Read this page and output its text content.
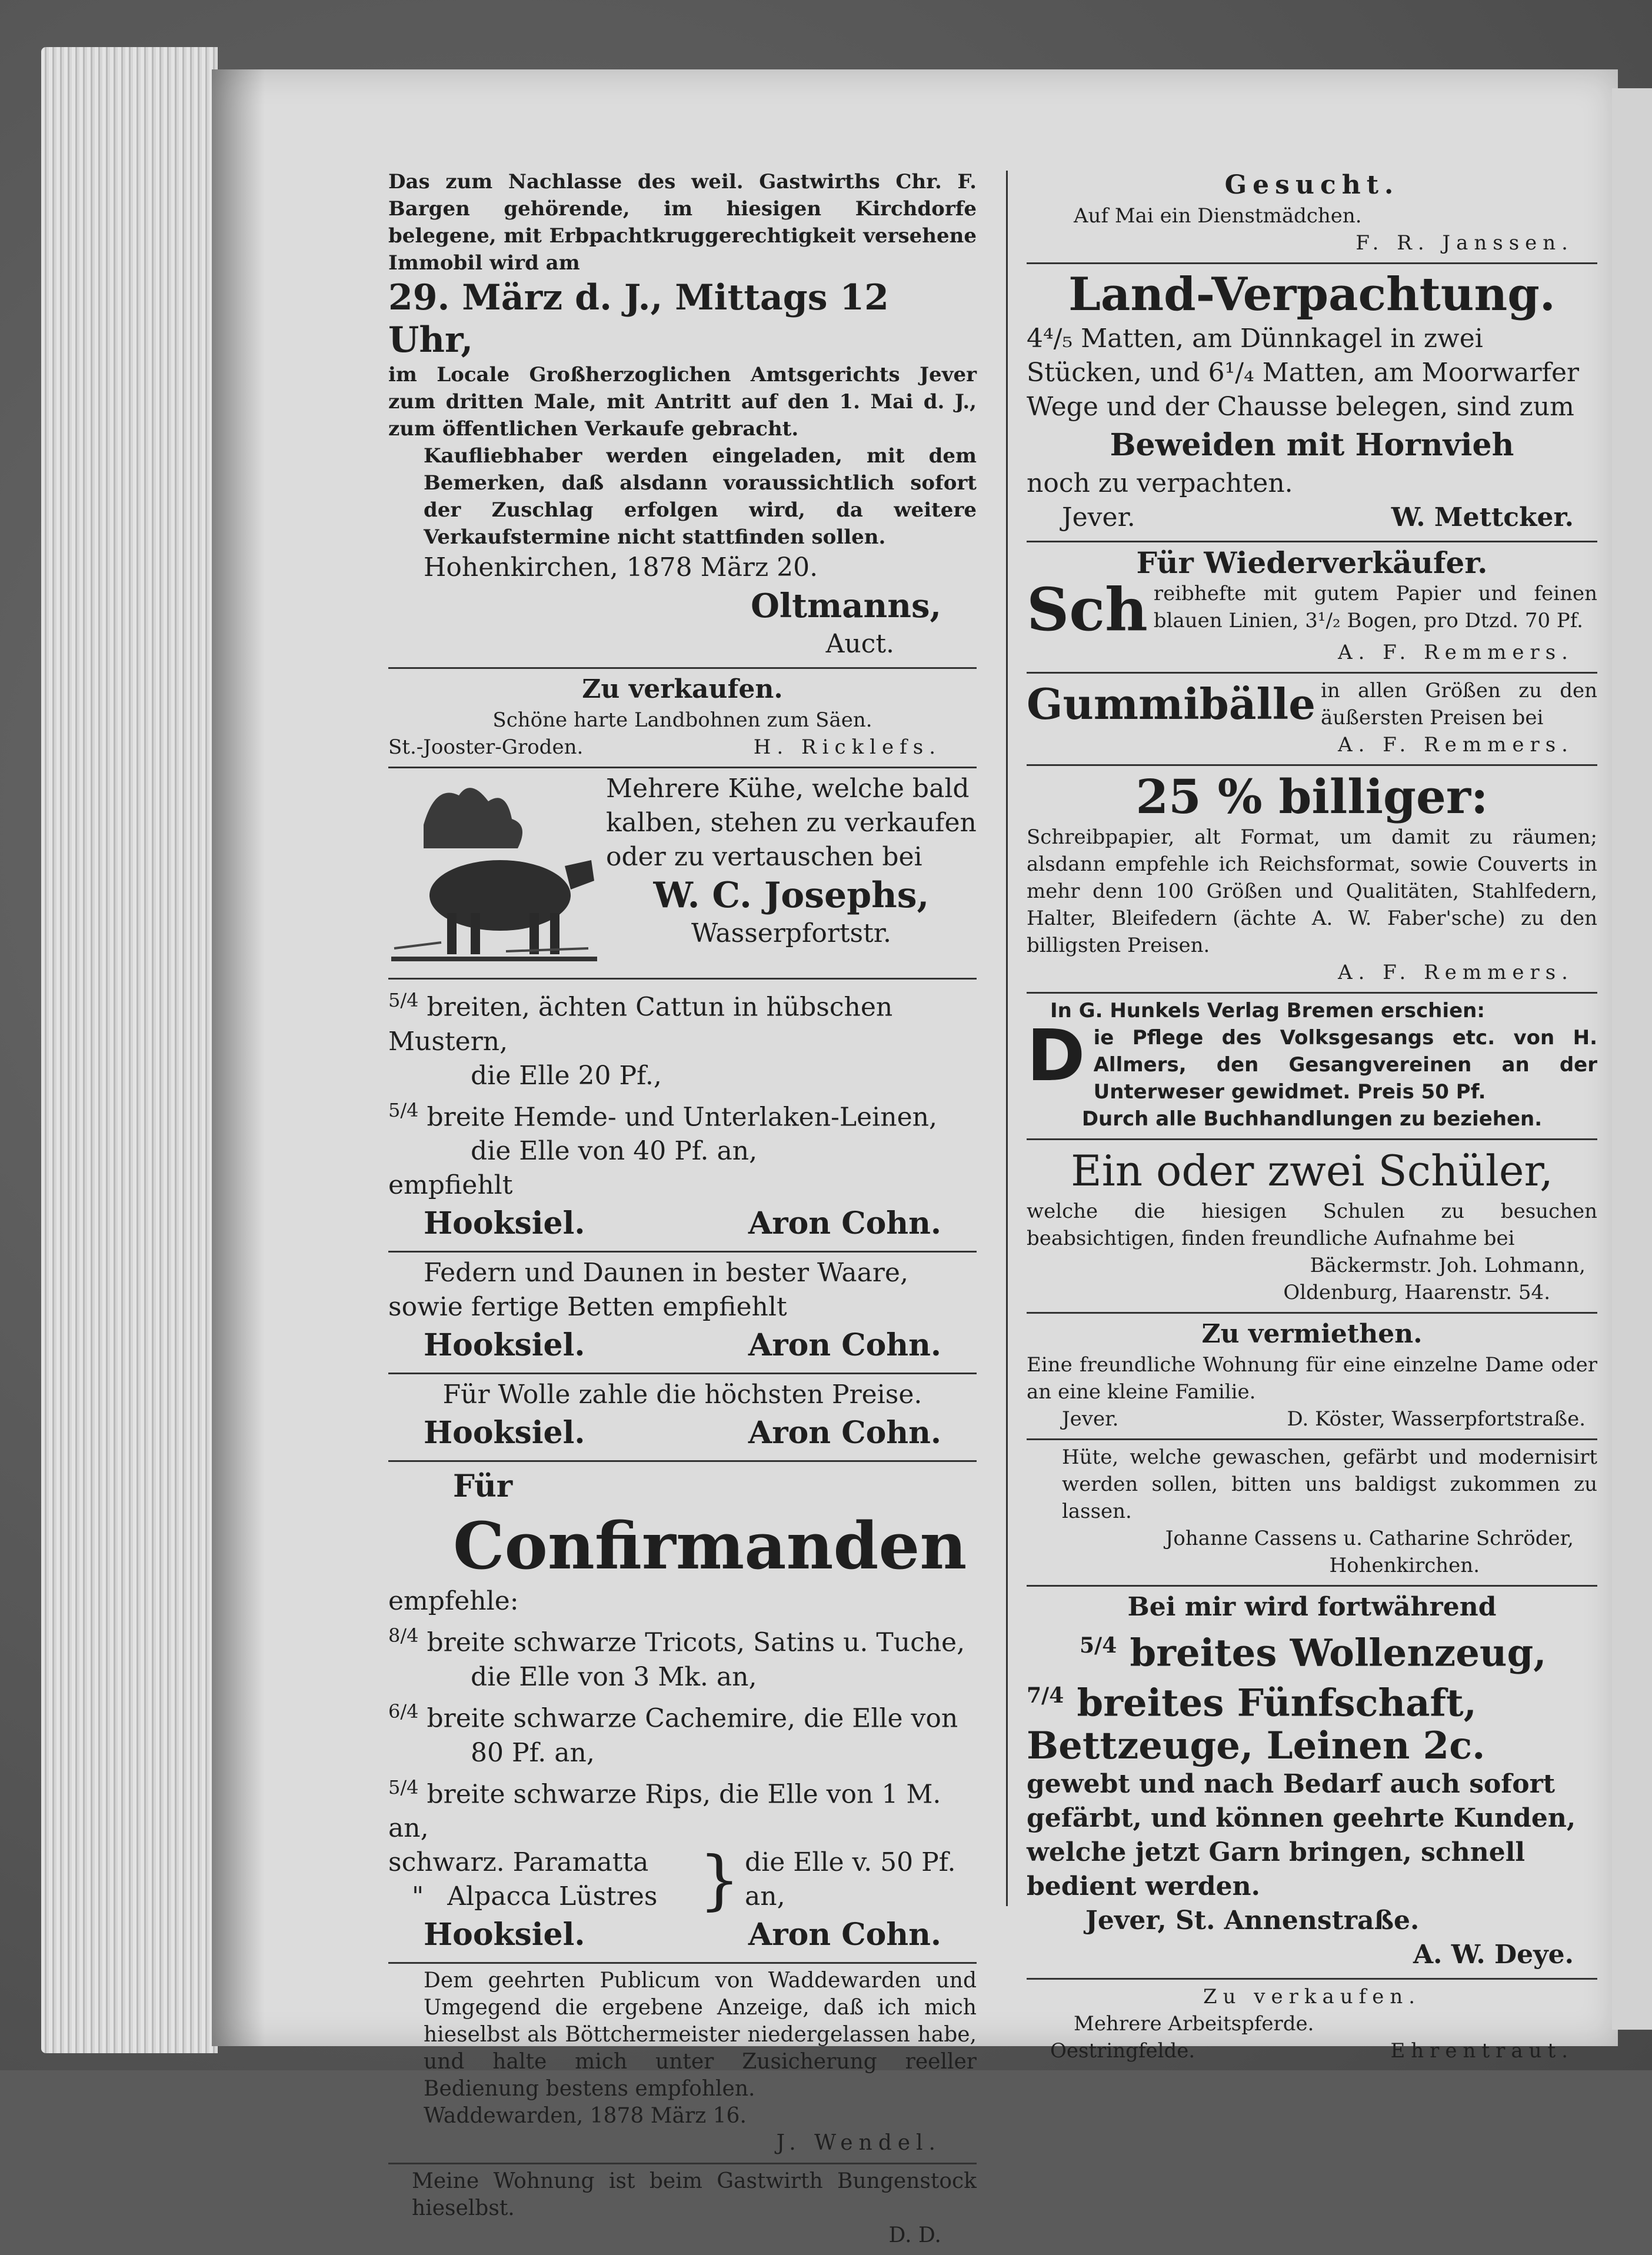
Das zum Nachlasse des weil. Gastwirths Chr. F. Bargen gehörende, im hiesigen Kirchdorfe belegene, mit Erbpachtkruggerechtigkeit versehene Immobil wird am

29. März d. J., Mittags 12 Uhr,

im Locale Großherzoglichen Amtsgerichts Jever zum dritten Male, mit Antritt auf den 1. Mai d. J., zum öffentlichen Verkaufe gebracht.

Kaufliebhaber werden eingeladen, mit dem Bemerken, daß alsdann voraussichtlich sofort der Zuschlag erfolgen wird, da weitere Verkaufstermine nicht stattfinden sollen.

Hohenkirchen, 1878 März 20.

Oltmanns,

Auct.

Zu verkaufen.

Schöne harte Landbohnen zum Säen.

St.-Jooster-Groden.	H. Ricklefs.

Mehrere Kühe, welche bald kalben, stehen zu verkaufen oder zu vertauschen bei

W. C. Josephs,

Wasserpfortstr.

$^{5/4}$ breiten, ächten Cattun in hübschen Mustern,

die Elle 20 Pf.,

$^{5/4}$ breite Hemde- und Unterlaken-Leinen,

die Elle von 40 Pf. an,

empfiehlt

Hooksiel.	Aron Cohn.

Federn und Daunen in bester Waare,

sowie fertige Betten empfiehlt

Hooksiel.	Aron Cohn.

Für Wolle zahle die höchsten Preise.

Hooksiel.	Aron Cohn.

Für

Confirmanden

empfehle:

$^{8/4}$ breite schwarze Tricots, Satins u. Tuche,

die Elle von 3 Mk. an,

$^{6/4}$ breite schwarze Cachemire, die Elle von

80 Pf. an,

$^{5/4}$ breite schwarze Rips, die Elle von 1 M. an,

schwarz. Paramatta

" Alpacca Lüstres } die Elle v. 50 Pf. an,

Hooksiel.	Aron Cohn.

Dem geehrten Publicum von Waddewarden und Umgegend die ergebene Anzeige, daß ich mich hieselbst als Böttchermeister niedergelassen habe, und halte mich unter Zusicherung reeller Bedienung bestens empfohlen.

Waddewarden, 1878 März 16.

J. Wendel.

Meine Wohnung ist beim Gastwirth Bungenstock hieselbst.

D. D.

Gesucht.

Auf Mai ein Dienstmädchen.

F. R. Janssen.

Land-Verpachtung.

4⁴/₅ Matten, am Dünnkagel in zwei Stücken, und 6¹/₄ Matten, am Moorwarfer Wege und der Chausse belegen, sind zum

Beweiden mit Hornvieh

noch zu verpachten.

Jever.	W. Mettcker.

Für Wiederverkäufer.

Sch reibhefte mit gutem Papier und feinen blauen Linien, 3¹/₂ Bogen, pro Dtzd. 70 Pf.

A. F. Remmers.

Gummibälle in allen Größen zu den äußersten Preisen bei

A. F. Remmers.

25 % billiger:

Schreibpapier, alt Format, um damit zu räumen; alsdann empfehle ich Reichsformat, sowie Couverts in mehr denn 100 Größen und Qualitäten, Stahlfedern, Halter, Bleifedern (ächte A. W. Faber'sche) zu den billigsten Preisen.

A. F. Remmers.

In G. Hunkels Verlag Bremen erschien:

D ie Pflege des Volksgesangs etc. von H. Allmers, den Gesangvereinen an der Unterweser gewidmet. Preis 50 Pf.

Durch alle Buchhandlungen zu beziehen.

Ein oder zwei Schüler,

welche die hiesigen Schulen zu besuchen beabsichtigen, finden freundliche Aufnahme bei

Bäckermstr. Joh. Lohmann,

Oldenburg, Haarenstr. 54.

Zu vermiethen.

Eine freundliche Wohnung für eine einzelne Dame oder an eine kleine Familie.

Jever.	D. Köster, Wasserpfortstraße.

Hüte, welche gewaschen, gefärbt und modernisirt werden sollen, bitten uns baldigst zukommen zu lassen.

Johanne Cassens u. Catharine Schröder,

Hohenkirchen.

Bei mir wird fortwährend

$^{5/4}$ breites Wollenzeug,

$^{7/4}$ breites Fünfschaft, Bettzeuge, Leinen 2c.

gewebt und nach Bedarf auch sofort gefärbt, und können geehrte Kunden, welche jetzt Garn bringen, schnell bedient werden.

Jever, St. Annenstraße.

A. W. Deye.

Zu verkaufen.

Mehrere Arbeitspferde.

Oestringfelde.	Ehrentraut.
